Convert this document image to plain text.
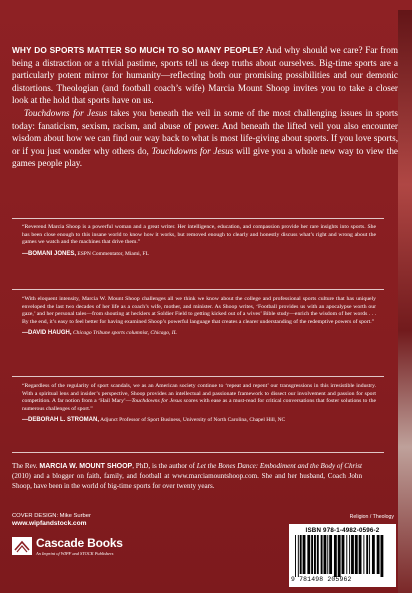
WHY DO SPORTS MATTER SO MUCH TO SO MANY PEOPLE? And why should we care? Far from being a distraction or a trivial pastime, sports tell us deep truths about ourselves. Big-time sports are a particularly potent mirror for humanity—reflecting both our promising possibilities and our demonic distortions. Theologian (and football coach’s wife) Marcia Mount Shoop invites you to take a closer look at the hold that sports have on us.

Touchdowns for Jesus takes you beneath the veil in some of the most challenging issues in sports today: fanaticism, sexism, racism, and abuse of power. And beneath the lifted veil you also encounter wisdom about how we can find our way back to what is most life-giving about sports. If you love sports, or if you just wonder why others do, Touchdowns for Jesus will give you a whole new way to view the games people play.

“Reverend Marcia Shoop is a powerful woman and a great writer. Her intelligence, education, and compassion provide her rare insights into sports. She has been close enough to this insane world to know how it works, but removed enough to clearly and honestly discuss what’s right and wrong about the games we watch and the machines that drive them.”

—BOMANI JONES, ESPN Commentator, Miami, FL

“With eloquent intensity, Marcia W. Mount Shoop challenges all we think we know about the college and professional sports culture that has uniquely enveloped the last two decades of her life as a coach’s wife, mother, and minister. As Shoop writes, ‘Football provides us with an apocalypse worth our gaze,’ and her personal tales—from shouting at hecklers at Soldier Field to getting kicked out of a wives’ Bible study—enrich the wisdom of her words . . . By the end, it’s easy to feel better for having examined Shoop’s powerful language that creates a clearer understanding of the redemptive powers of sport.”

—DAVID HAUGH, Chicago Tribune sports columnist, Chicago, IL

“Regardless of the regularity of sport scandals, we as an American society continue to ‘repeat and repent’ our transgressions in this irresistible industry. With a spiritual lens and insider’s perspective, Shoop provides an intellectual and passionate framework to dissect our involvement and passion for sport competition. A far notion from a ‘Hail Mary’—Touchdowns for Jesus scores with ease as a must-read for critical conversations that foster solutions to the numerous challenges of sport.”

—DEBORAH L. STROMAN, Adjunct Professor of Sport Business, University of North Carolina, Chapel Hill, NC

The Rev. MARCIA W. MOUNT SHOOP, PhD, is the author of Let the Bones Dance: Embodiment and the Body of Christ (2010) and a blogger on faith, family, and football at www.marciamountshoop.com. She and her husband, Coach John Shoop, have been in the world of big-time sports for over twenty years.

COVER DESIGN: Mike Surber
www.wipfandstock.com
Cascade Books
An Imprint of WIPF and STOCK Publishers
Religion / Theology
ISBN 978-1-4982-0596-2
9 781498 205962
